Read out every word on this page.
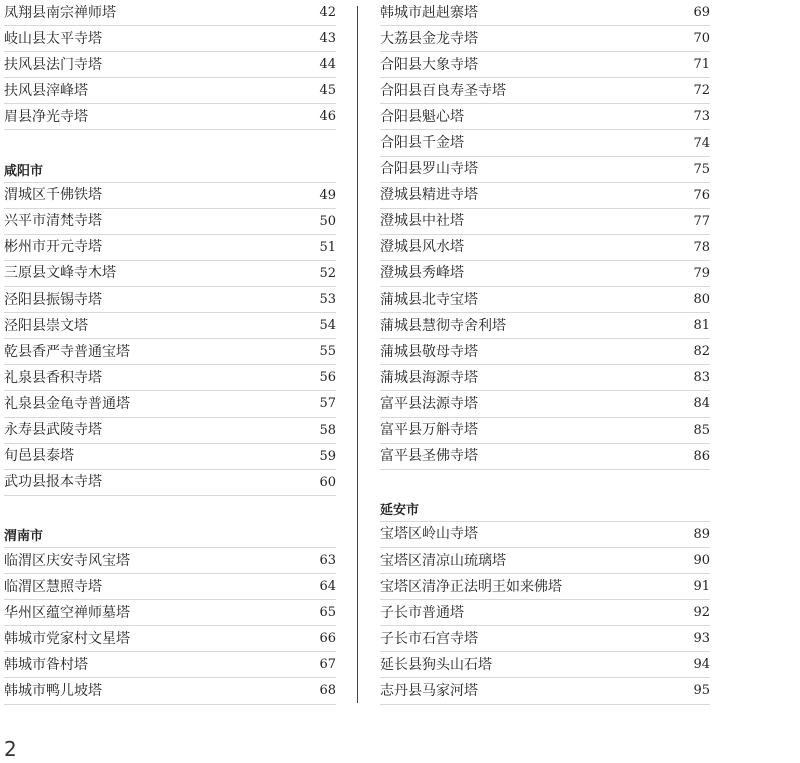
凤翔县南宗禅师塔	42
岐山县太平寺塔	43
扶风县法门寺塔	44
扶风县滓峰塔	45
眉县净光寺塔	46
咸阳市
渭城区千佛铁塔	49
兴平市清梵寺塔	50
彬州市开元寺塔	51
三原县文峰寺木塔	52
泾阳县振锡寺塔	53
泾阳县崇文塔	54
乾县香严寺普通宝塔	55
礼泉县香积寺塔	56
礼泉县金龟寺普通塔	57
永寿县武陵寺塔	58
旬邑县泰塔	59
武功县报本寺塔	60
渭南市
临渭区庆安寺风宝塔	63
临渭区慧照寺塔	64
华州区蕴空禅师墓塔	65
韩城市党家村文星塔	66
韩城市昝村塔	67
韩城市鸭儿坡塔	68
韩城市赳赳寨塔	69
大荔县金龙寺塔	70
合阳县大象寺塔	71
合阳县百良寿圣寺塔	72
合阳县魁心塔	73
合阳县千金塔	74
合阳县罗山寺塔	75
澄城县精进寺塔	76
澄城县中社塔	77
澄城县风水塔	78
澄城县秀峰塔	79
蒲城县北寺宝塔	80
蒲城县慧彻寺舍利塔	81
蒲城县敬母寺塔	82
蒲城县海源寺塔	83
富平县法源寺塔	84
富平县万斛寺塔	85
富平县圣佛寺塔	86
延安市
宝塔区岭山寺塔	89
宝塔区清凉山琉璃塔	90
宝塔区清净正法明王如来佛塔	91
子长市普通塔	92
子长市石宫寺塔	93
延长县狗头山石塔	94
志丹县马家河塔	95
2
